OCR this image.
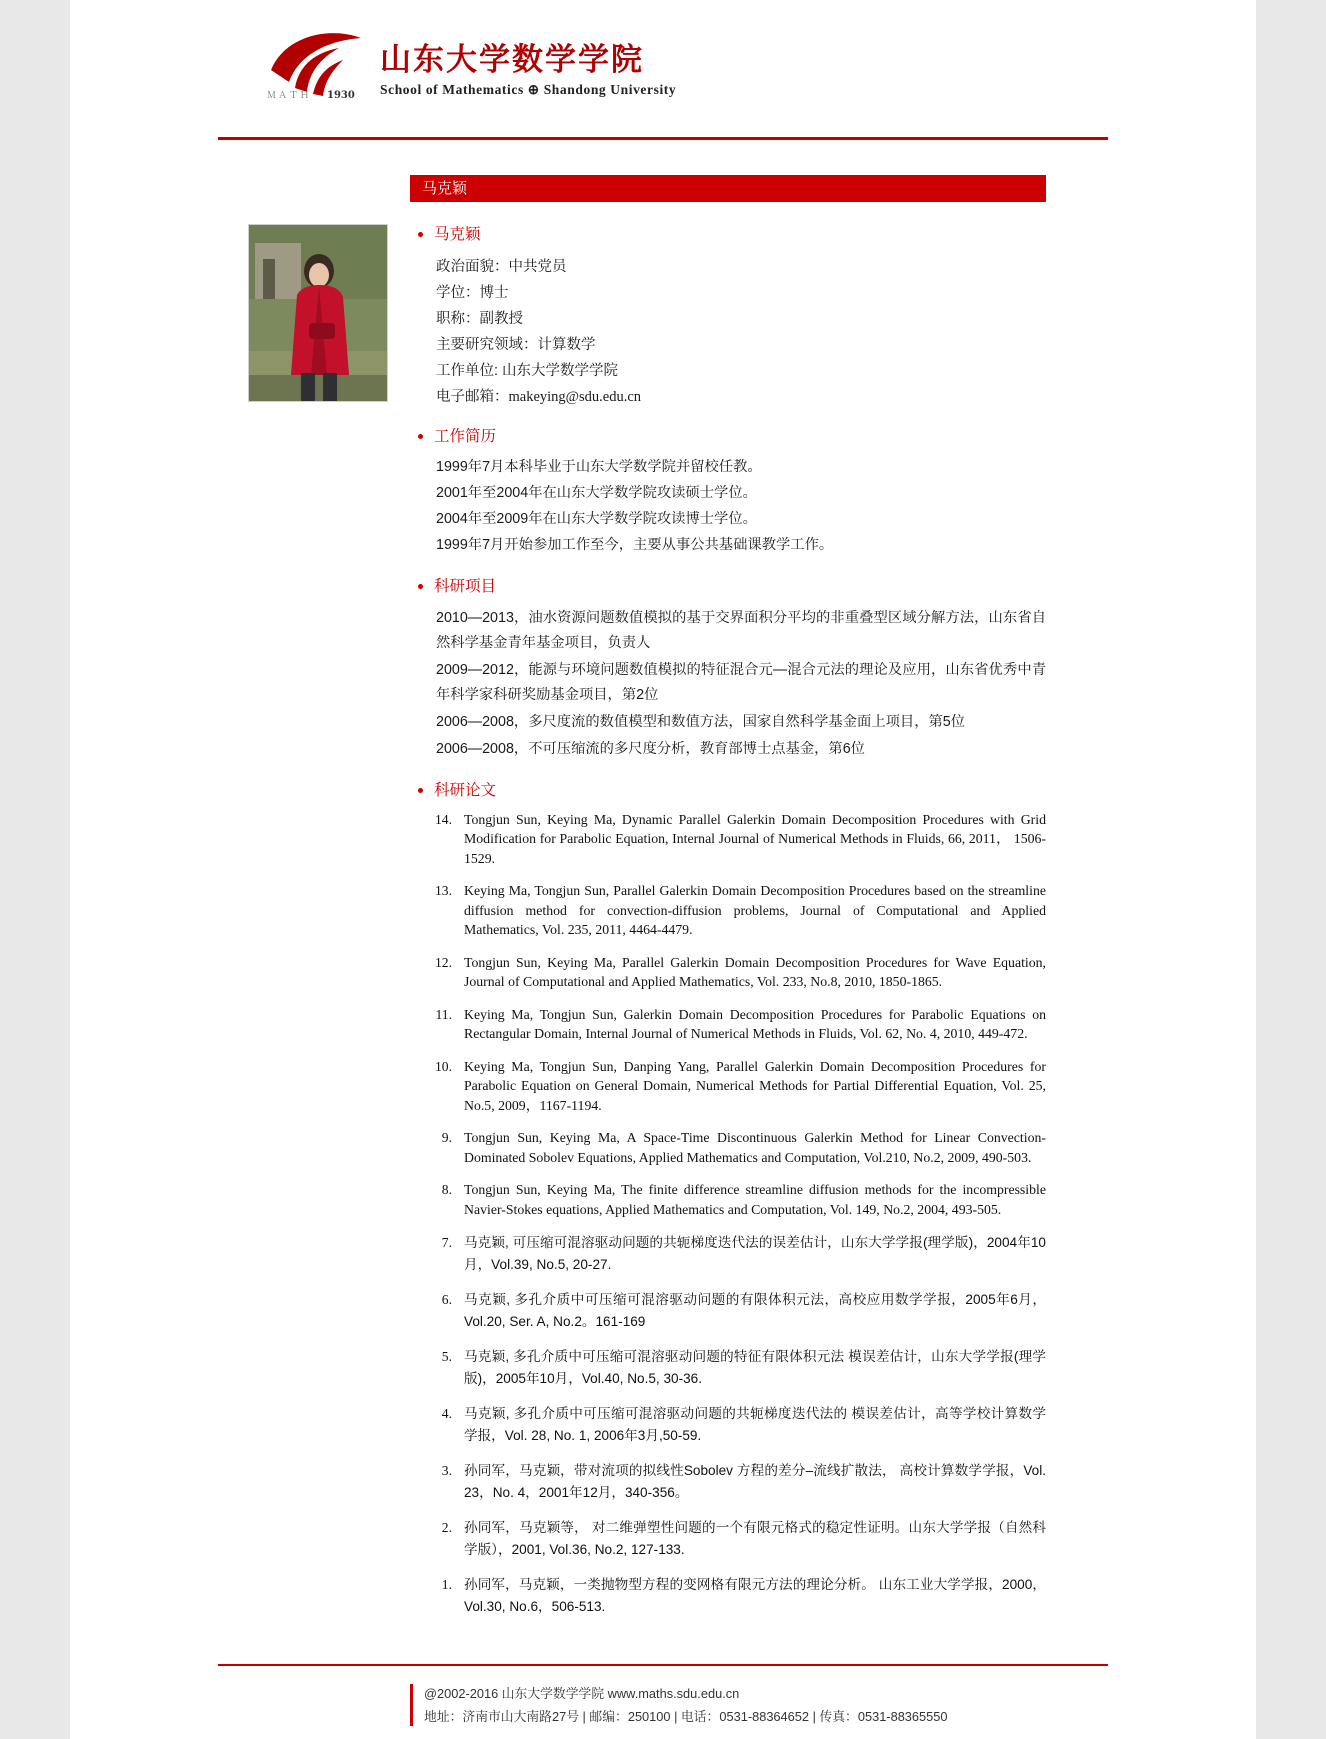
ＭＡＴＨ 1930
山东大学数学学院
School of Mathematics ⊕ Shandong University
马克颖
马克颖
政治面貌：中共党员
学位：博士
职称：副教授
主要研究领域：计算数学
工作单位: 山东大学数学学院
电子邮箱：makeying@sdu.edu.cn
工作简历

1999年7月本科毕业于山东大学数学院并留校任教。

2001年至2004年在山东大学数学院攻读硕士学位。

2004年至2009年在山东大学数学院攻读博士学位。

1999年7月开始参加工作至今，主要从事公共基础课教学工作。

科研项目

2010—2013，油水资源问题数值模拟的基于交界面积分平均的非重叠型区域分解方法，山东省自然科学基金青年基金项目，负责人

2009—2012，能源与环境问题数值模拟的特征混合元—混合元法的理论及应用，山东省优秀中青年科学家科研奖励基金项目，第2位

2006—2008，多尺度流的数值模型和数值方法，国家自然科学基金面上项目，第5位

2006—2008，不可压缩流的多尺度分析，教育部博士点基金，第6位

科研论文
14. Tongjun Sun, Keying Ma, Dynamic Parallel Galerkin Domain Decomposition Procedures with Grid Modification for Parabolic Equation, Internal Journal of Numerical Methods in Fluids, 66, 2011， 1506-1529.
13. Keying Ma, Tongjun Sun, Parallel Galerkin Domain Decomposition Procedures based on the streamline diffusion method for convection-diffusion problems, Journal of Computational and Applied Mathematics, Vol. 235, 2011, 4464-4479.
12. Tongjun Sun, Keying Ma, Parallel Galerkin Domain Decomposition Procedures for Wave Equation, Journal of Computational and Applied Mathematics, Vol. 233, No.8, 2010, 1850-1865.
11. Keying Ma, Tongjun Sun, Galerkin Domain Decomposition Procedures for Parabolic Equations on Rectangular Domain, Internal Journal of Numerical Methods in Fluids, Vol. 62, No. 4, 2010, 449-472.
10. Keying Ma, Tongjun Sun, Danping Yang, Parallel Galerkin Domain Decomposition Procedures for Parabolic Equation on General Domain, Numerical Methods for Partial Differential Equation, Vol. 25, No.5, 2009，1167-1194.
9. Tongjun Sun, Keying Ma, A Space-Time Discontinuous Galerkin Method for Linear Convection-Dominated Sobolev Equations, Applied Mathematics and Computation, Vol.210, No.2, 2009, 490-503.
8. Tongjun Sun, Keying Ma, The finite difference streamline diffusion methods for the incompressible Navier-Stokes equations, Applied Mathematics and Computation, Vol. 149, No.2, 2004, 493-505.
7. 马克颖, 可压缩可混溶驱动问题的共轭梯度迭代法的误差估计，山东大学学报(理学版)，2004年10月，Vol.39, No.5, 20-27.
6. 马克颖, 多孔介质中可压缩可混溶驱动问题的有限体积元法，高校应用数学学报，2005年6月，Vol.20, Ser. A, No.2。161-169
5. 马克颖, 多孔介质中可压缩可混溶驱动问题的特征有限体积元法 模误差估计，山东大学学报(理学版)，2005年10月，Vol.40, No.5, 30-36.
4. 马克颖, 多孔介质中可压缩可混溶驱动问题的共轭梯度迭代法的 模误差估计，高等学校计算数学学报，Vol. 28, No. 1, 2006年3月,50-59.
3. 孙同军，马克颖，带对流项的拟线性Sobolev 方程的差分–流线扩散法， 高校计算数学学报，Vol. 23，No. 4，2001年12月，340-356。
2. 孙同军，马克颖等， 对二维弹塑性问题的一个有限元格式的稳定性证明。山东大学学报（自然科学版），2001, Vol.36, No.2, 127-133.
1. 孙同军，马克颖，一类抛物型方程的变网格有限元方法的理论分析。 山东工业大学学报，2000，Vol.30, No.6，506-513.
@2002-2016 山东大学数学学院 www.maths.sdu.edu.cn
地址：济南市山大南路27号 | 邮编：250100 | 电话：0531-88364652 | 传真：0531-88365550
